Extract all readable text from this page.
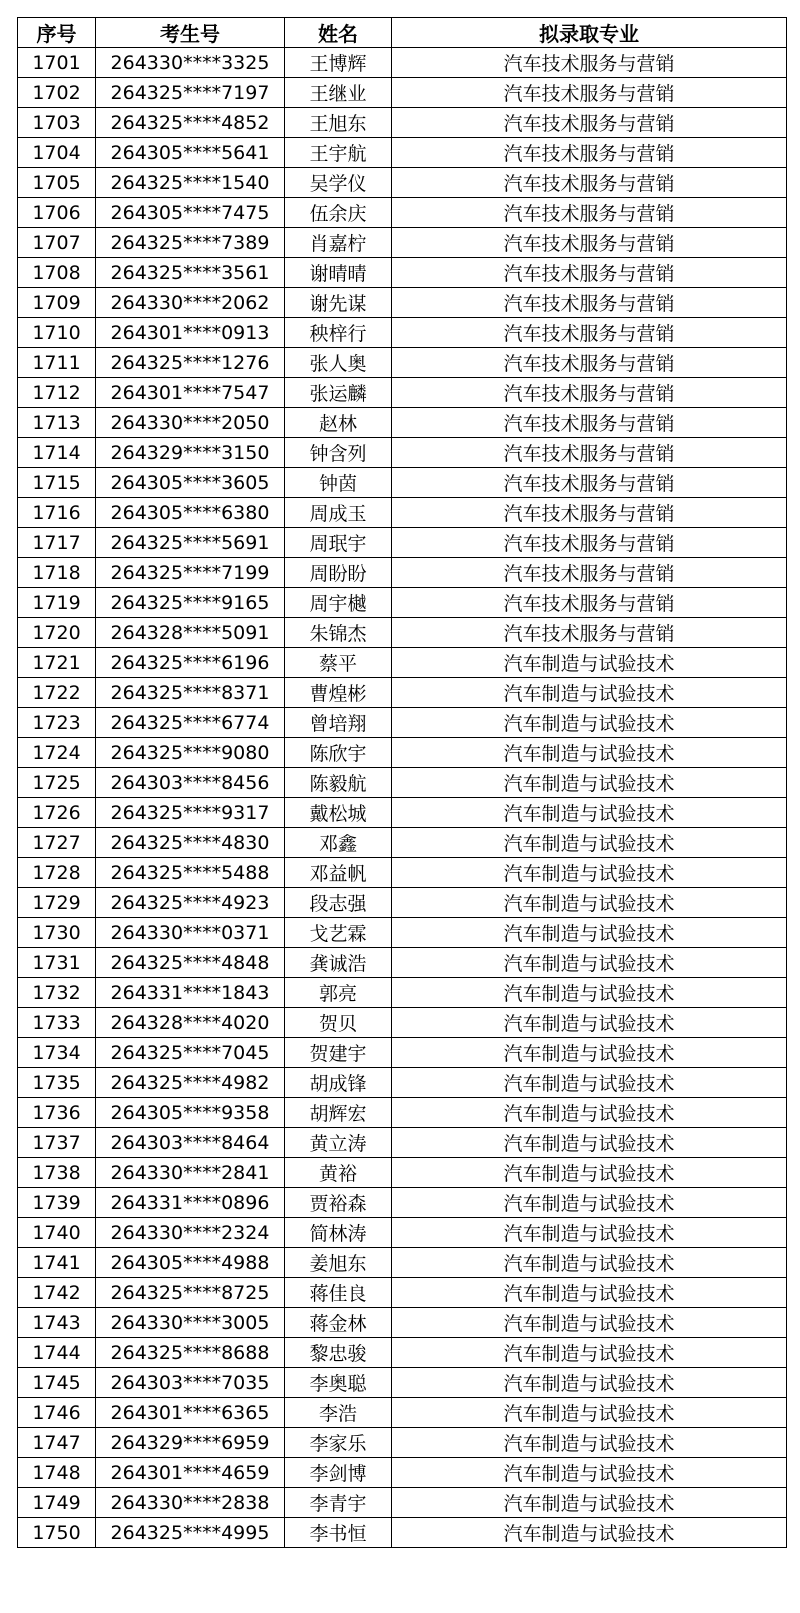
序号	考生号	姓名	拟录取专业
1701	264330****3325	王博辉	汽车技术服务与营销
1702	264325****7197	王继业	汽车技术服务与营销
1703	264325****4852	王旭东	汽车技术服务与营销
1704	264305****5641	王宇航	汽车技术服务与营销
1705	264325****1540	吴学仪	汽车技术服务与营销
1706	264305****7475	伍余庆	汽车技术服务与营销
1707	264325****7389	肖嘉柠	汽车技术服务与营销
1708	264325****3561	谢晴晴	汽车技术服务与营销
1709	264330****2062	谢先谋	汽车技术服务与营销
1710	264301****0913	秧梓行	汽车技术服务与营销
1711	264325****1276	张人奥	汽车技术服务与营销
1712	264301****7547	张运麟	汽车技术服务与营销
1713	264330****2050	赵林	汽车技术服务与营销
1714	264329****3150	钟含列	汽车技术服务与营销
1715	264305****3605	钟茵	汽车技术服务与营销
1716	264305****6380	周成玉	汽车技术服务与营销
1717	264325****5691	周珉宇	汽车技术服务与营销
1718	264325****7199	周盼盼	汽车技术服务与营销
1719	264325****9165	周宇樾	汽车技术服务与营销
1720	264328****5091	朱锦杰	汽车技术服务与营销
1721	264325****6196	蔡平	汽车制造与试验技术
1722	264325****8371	曹煌彬	汽车制造与试验技术
1723	264325****6774	曾培翔	汽车制造与试验技术
1724	264325****9080	陈欣宇	汽车制造与试验技术
1725	264303****8456	陈毅航	汽车制造与试验技术
1726	264325****9317	戴松城	汽车制造与试验技术
1727	264325****4830	邓鑫	汽车制造与试验技术
1728	264325****5488	邓益帆	汽车制造与试验技术
1729	264325****4923	段志强	汽车制造与试验技术
1730	264330****0371	戈艺霖	汽车制造与试验技术
1731	264325****4848	龚诚浩	汽车制造与试验技术
1732	264331****1843	郭亮	汽车制造与试验技术
1733	264328****4020	贺贝	汽车制造与试验技术
1734	264325****7045	贺建宇	汽车制造与试验技术
1735	264325****4982	胡成锋	汽车制造与试验技术
1736	264305****9358	胡辉宏	汽车制造与试验技术
1737	264303****8464	黄立涛	汽车制造与试验技术
1738	264330****2841	黄裕	汽车制造与试验技术
1739	264331****0896	贾裕森	汽车制造与试验技术
1740	264330****2324	简林涛	汽车制造与试验技术
1741	264305****4988	姜旭东	汽车制造与试验技术
1742	264325****8725	蒋佳良	汽车制造与试验技术
1743	264330****3005	蒋金林	汽车制造与试验技术
1744	264325****8688	黎忠骏	汽车制造与试验技术
1745	264303****7035	李奥聪	汽车制造与试验技术
1746	264301****6365	李浩	汽车制造与试验技术
1747	264329****6959	李家乐	汽车制造与试验技术
1748	264301****4659	李剑博	汽车制造与试验技术
1749	264330****2838	李青宇	汽车制造与试验技术
1750	264325****4995	李书恒	汽车制造与试验技术
